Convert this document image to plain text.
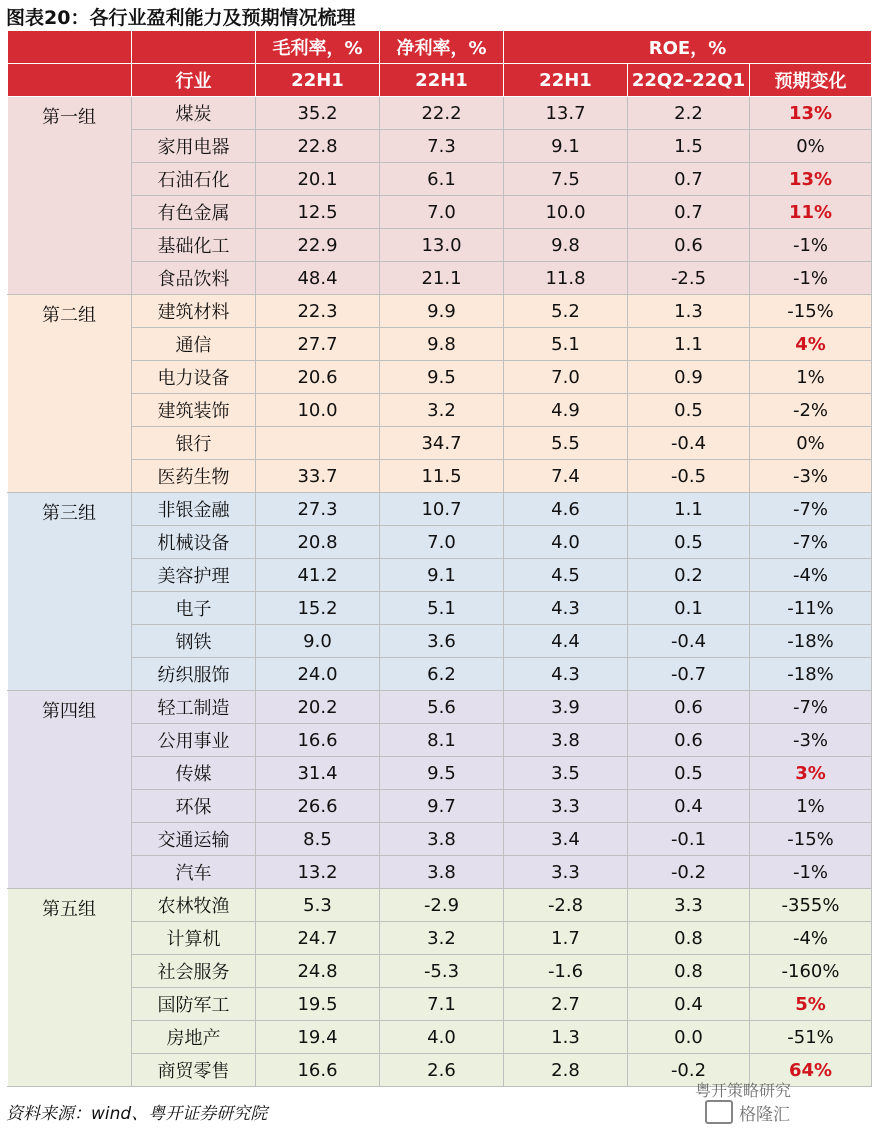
图表20：各行业盈利能力及预期情况梳理
		毛利率，%	净利率，%	ROE，%		
	行业	22H1	22H1	22H1	22Q2-22Q1	预期变化
第一组	煤炭	35.2	22.2	13.7	2.2	13%
	家用电器	22.8	7.3	9.1	1.5	0%
	石油石化	20.1	6.1	7.5	0.7	13%
	有色金属	12.5	7.0	10.0	0.7	11%
	基础化工	22.9	13.0	9.8	0.6	-1%
	食品饮料	48.4	21.1	11.8	-2.5	-1%
第二组	建筑材料	22.3	9.9	5.2	1.3	-15%
	通信	27.7	9.8	5.1	1.1	4%
	电力设备	20.6	9.5	7.0	0.9	1%
	建筑装饰	10.0	3.2	4.9	0.5	-2%
	银行		34.7	5.5	-0.4	0%
	医药生物	33.7	11.5	7.4	-0.5	-3%
第三组	非银金融	27.3	10.7	4.6	1.1	-7%
	机械设备	20.8	7.0	4.0	0.5	-7%
	美容护理	41.2	9.1	4.5	0.2	-4%
	电子	15.2	5.1	4.3	0.1	-11%
	钢铁	9.0	3.6	4.4	-0.4	-18%
	纺织服饰	24.0	6.2	4.3	-0.7	-18%
第四组	轻工制造	20.2	5.6	3.9	0.6	-7%
	公用事业	16.6	8.1	3.8	0.6	-3%
	传媒	31.4	9.5	3.5	0.5	3%
	环保	26.6	9.7	3.3	0.4	1%
	交通运输	8.5	3.8	3.4	-0.1	-15%
	汽车	13.2	3.8	3.3	-0.2	-1%
第五组	农林牧渔	5.3	-2.9	-2.8	3.3	-355%
	计算机	24.7	3.2	1.7	0.8	-4%
	社会服务	24.8	-5.3	-1.6	0.8	-160%
	国防军工	19.5	7.1	2.7	0.4	5%
	房地产	19.4	4.0	1.3	0.0	-51%
	商贸零售	16.6	2.6	2.8	-0.2	64%
资料来源：wind、粤开证券研究院
粤开策略研究
格隆汇
